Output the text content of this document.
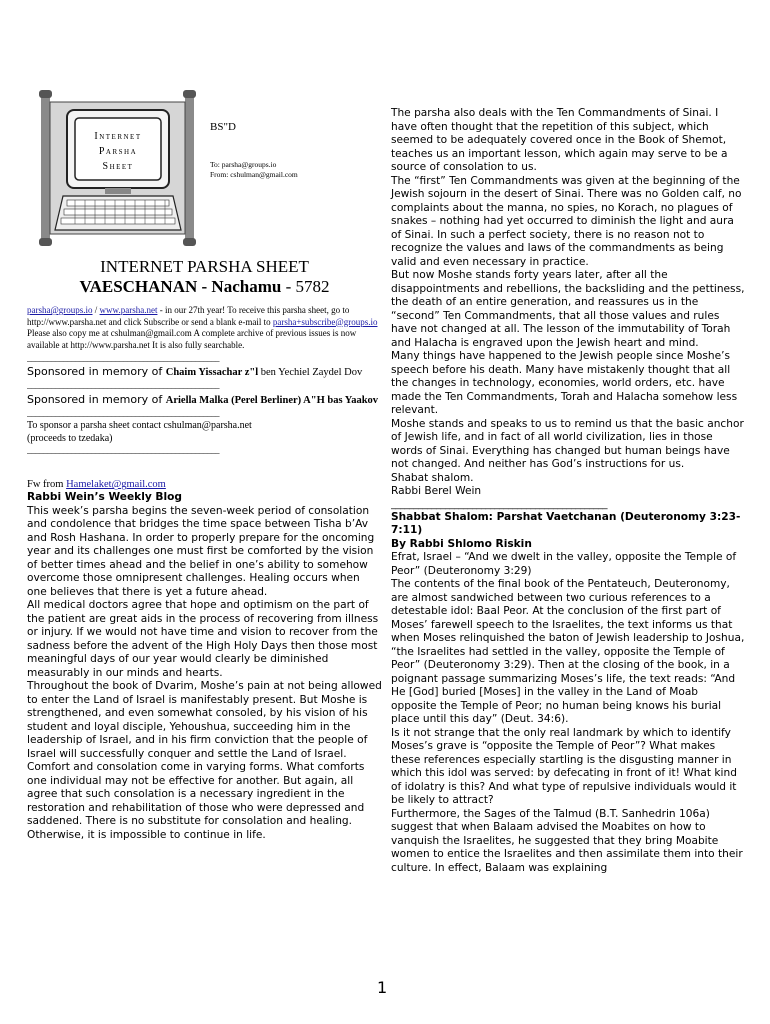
Internet
Parsha
Sheet
BS"D
To: parsha@groups.io
From: cshulman@gmail.com
INTERNET PARSHA SHEET
VAESCHANAN - Nachamu - 5782
parsha@groups.io / www.parsha.net - in our 27th year! To receive this parsha sheet, go to http://www.parsha.net and click Subscribe or send a blank e-mail to parsha+subscribe@groups.io Please also copy me at cshulman@gmail.com A complete archive of previous issues is now available at http://www.parsha.net It is also fully searchable.
________________________________________________
Sponsored in memory of Chaim Yissachar z"l ben Yechiel Zaydel Dov
________________________________________________
Sponsored in memory of Ariella Malka (Perel Berliner) A"H bas Yaakov
________________________________________________
To sponsor a parsha sheet contact cshulman@parsha.net
(proceeds to tzedaka)
________________________________________________
Fw from Hamelaket@gmail.com

Rabbi Wein’s Weekly Blog

This week’s parsha begins the seven-week period of consolation and condolence that bridges the time space between Tisha b’Av and Rosh Hashana. In order to properly prepare for the oncoming year and its challenges one must first be comforted by the vision of better times ahead and the belief in one’s ability to somehow overcome those omnipresent challenges. Healing occurs when one believes that there is yet a future ahead.

All medical doctors agree that hope and optimism on the part of the patient are great aids in the process of recovering from illness or injury. If we would not have time and vision to recover from the sadness before the advent of the High Holy Days then those most meaningful days of our year would clearly be diminished measurably in our minds and hearts.

Throughout the book of Dvarim, Moshe’s pain at not being allowed to enter the Land of Israel is manifestably present. But Moshe is strengthened, and even somewhat consoled, by his vision of his student and loyal disciple, Yehoushua, succeeding him in the leadership of Israel, and in his firm conviction that the people of Israel will successfully conquer and settle the Land of Israel.

Comfort and consolation come in varying forms. What comforts one individual may not be effective for another. But again, all agree that such consolation is a necessary ingredient in the restoration and rehabilitation of those who were depressed and saddened. There is no substitute for consolation and healing. Otherwise, it is impossible to continue in life.

The parsha also deals with the Ten Commandments of Sinai. I have often thought that the repetition of this subject, which seemed to be adequately covered once in the Book of Shemot, teaches us an important lesson, which again may serve to be a source of consolation to us.

The “first” Ten Commandments was given at the beginning of the Jewish sojourn in the desert of Sinai. There was no Golden calf, no complaints about the manna, no spies, no Korach, no plagues of snakes – nothing had yet occurred to diminish the light and aura of Sinai. In such a perfect society, there is no reason not to recognize the values and laws of the commandments as being valid and even necessary in practice.

But now Moshe stands forty years later, after all the disappointments and rebellions, the backsliding and the pettiness, the death of an entire generation, and reassures us in the “second” Ten Commandments, that all those values and rules have not changed at all. The lesson of the immutability of Torah and Halacha is engraved upon the Jewish heart and mind.

Many things have happened to the Jewish people since Moshe’s speech before his death. Many have mistakenly thought that all the changes in technology, economies, world orders, etc. have made the Ten Commandments, Torah and Halacha somehow less relevant.

Moshe stands and speaks to us to remind us that the basic anchor of Jewish life, and in fact of all world civilization, lies in those words of Sinai. Everything has changed but human beings have not changed. And neither has God’s instructions for us.

Shabat shalom.

Rabbi Berel Wein

________________________________________________

Shabbat Shalom: Parshat Vaetchanan (Deuteronomy 3:23-7:11)

By Rabbi Shlomo Riskin

Efrat, Israel – “And we dwelt in the valley, opposite the Temple of Peor” (Deuteronomy 3:29)

The contents of the final book of the Pentateuch, Deuteronomy, are almost sandwiched between two curious references to a detestable idol: Baal Peor. At the conclusion of the first part of Moses’ farewell speech to the Israelites, the text informs us that when Moses relinquished the baton of Jewish leadership to Joshua, “the Israelites had settled in the valley, opposite the Temple of Peor” (Deuteronomy 3:29). Then at the closing of the book, in a poignant passage summarizing Moses’s life, the text reads: “And He [God] buried [Moses] in the valley in the Land of Moab opposite the Temple of Peor; no human being knows his burial place until this day” (Deut. 34:6).

Is it not strange that the only real landmark by which to identify Moses’s grave is “opposite the Temple of Peor”? What makes these references especially startling is the disgusting manner in which this idol was served: by defecating in front of it! What kind of idolatry is this? And what type of repulsive individuals would it be likely to attract?

Furthermore, the Sages of the Talmud (B.T. Sanhedrin 106a) suggest that when Balaam advised the Moabites on how to vanquish the Israelites, he suggested that they bring Moabite women to entice the Israelites and then assimilate them into their culture. In effect, Balaam was explaining

1
